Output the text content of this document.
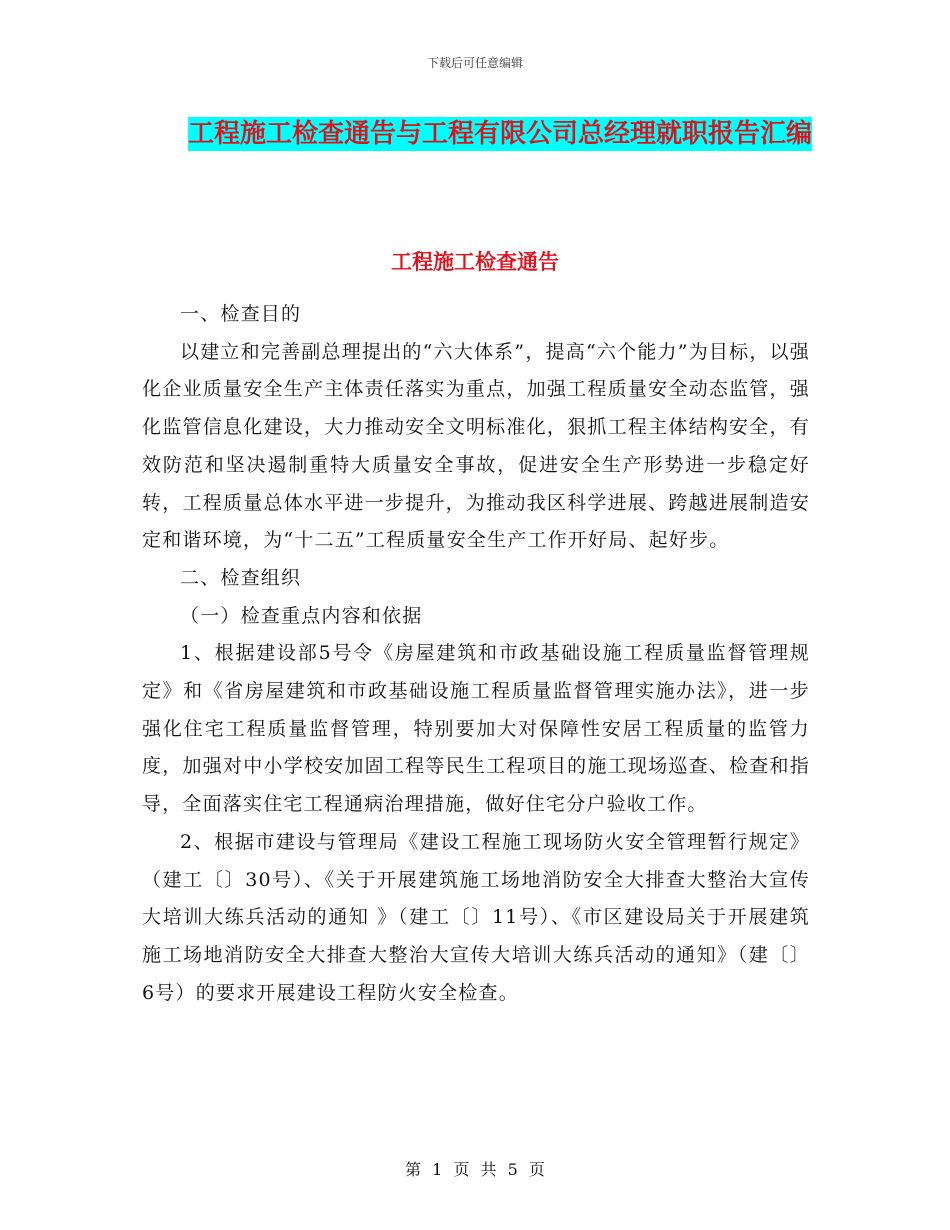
下载后可任意编辑
工程施工检查通告与工程有限公司总经理就职报告汇编
工程施工检查通告

一、检查目的

以建立和完善副总理提出的“六大体系”，提高“六个能力”为目标，以强化企业质量安全生产主体责任落实为重点，加强工程质量安全动态监管，强化监管信息化建设，大力推动安全文明标准化，狠抓工程主体结构安全，有效防范和坚决遏制重特大质量安全事故，促进安全生产形势进一步稳定好转，工程质量总体水平进一步提升，为推动我区科学进展、跨越进展制造安定和谐环境，为“十二五”工程质量安全生产工作开好局、起好步。

二、检查组织

（一）检查重点内容和依据

1、根据建设部5号令《房屋建筑和市政基础设施工程质量监督管理规定》和《省房屋建筑和市政基础设施工程质量监督管理实施办法》，进一步强化住宅工程质量监督管理，特别要加大对保障性安居工程质量的监管力度，加强对中小学校安加固工程等民生工程项目的施工现场巡查、检查和指导，全面落实住宅工程通病治理措施，做好住宅分户验收工作。

2、根据市建设与管理局《建设工程施工现场防火安全管理暂行规定》（建工〔〕30号）、《关于开展建筑施工场地消防安全大排查大整治大宣传大培训大练兵活动的通知 》（建工〔〕11号）、《市区建设局关于开展建筑施工场地消防安全大排查大整治大宣传大培训大练兵活动的通知》（建〔〕6号）的要求开展建设工程防火安全检查。

第 1 页 共 5 页
